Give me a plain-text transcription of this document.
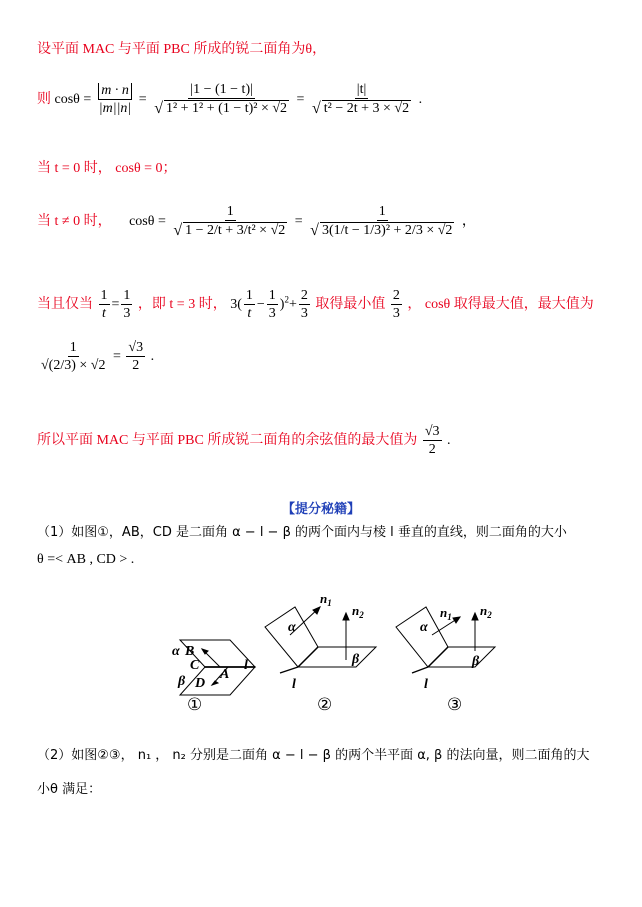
设平面 MAC 与平面 PBC 所成的锐二面角为θ，
则 $\cos\theta = \frac{m \cdot n}{|m||n|} = \frac{|1 - (1 - t)|}{\text{√ 1² + 1² + (1 − t)² × √2}} = \frac{|t|}{\text{√ t² − 2t + 3 × √2}}$ .
当 t = 0 时， cosθ = 0；
当 t ≠ 0 时， $\cos\theta = \frac{1}{\text{√ 1 − 2/t + 3/t² × √2}} = \frac{1}{\text{√ 3(1/t − 1/3)² + 2/3 × √2}}$ ，
当且仅当 $\frac{1}{t} = \frac{1}{3}$ ，即 t = 3 时， $3( \frac{1}{t} - \frac{1}{3} )^2+ \frac{2}{3}$ 取得最小值 $\frac{2}{3}$ ， cosθ 取得最大值，最大值为
$\frac{1}{√(2/3) \times √2} = \frac{√3}{2}$ .
所以平面 MAC 与平面 PBC 所成锐二面角的余弦值的最大值为 $\frac{√3}{2}$ .
【提分秘籍】
（1）如图①，AB，CD 是二面角 α − l − β 的两个面内与棱 l 垂直的直线，则二面角的大小
θ =< AB , CD > .
α B
C
β D
A
l
$n_1$ $n_2$
α
β
l
$n_1$ $n_2$
α
β
l
①	②	③
（2）如图②③， n₁ ， n₂ 分别是二面角 α − l − β 的两个半平面 α, β 的法向量，则二面角的大
小θ 满足：
